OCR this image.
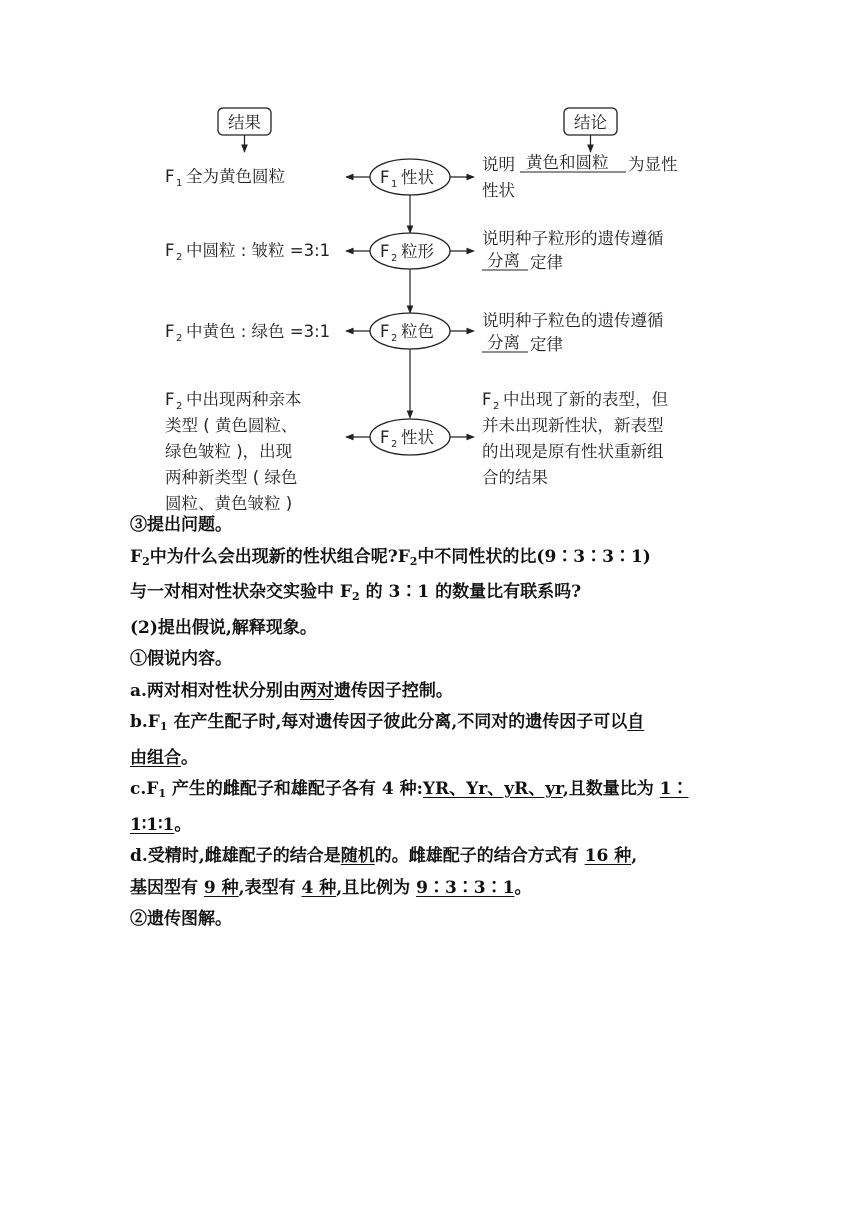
结果	结论
F 1 性状
F 2 粒形
F 2 粒色
F 2 性状
F 1 全为黄色圆粒
F 2 中圆粒 : 皱粒 =3:1
F 2 中黄色 : 绿色 =3:1
F 2 中出现两种亲本
类型 ( 黄色圆粒、
绿色皱粒 )，出现
两种新类型 ( 绿色
圆粒、黄色皱粒 )
说明 黄色和圆粒 为显性
性状
说明种子粒形的遗传遵循
分离 定律
说明种子粒色的遗传遵循
分离 定律
F 2 中出现了新的表型，但
并未出现新性状，新表型
的出现是原有性状重新组
合的结果

③提出问题。

$F_2$中为什么会出现新的性状组合呢$?F_2$中不同性状的比(9∶3∶3∶1)

与一对相对性状杂交实验中 $F_2$ 的 3∶1 的数量比有联系吗?

(2)提出假说,解释现象。

①假说内容。

a.两对相对性状分别由两对遗传因子控制。

$b.F_1$ 在产生配子时,每对遗传因子彼此分离,不同对的遗传因子可以自

由组合。

$c.F_1$ 产生的雌配子和雄配子各有 4 种:YR、Yr、yR、yr,且数量比为 1∶

1∶1∶1。

d.受精时,雌雄配子的结合是随机的。雌雄配子的结合方式有 16 种,

基因型有 9 种,表型有 4 种,且比例为 9∶3∶3∶1。

②遗传图解。
